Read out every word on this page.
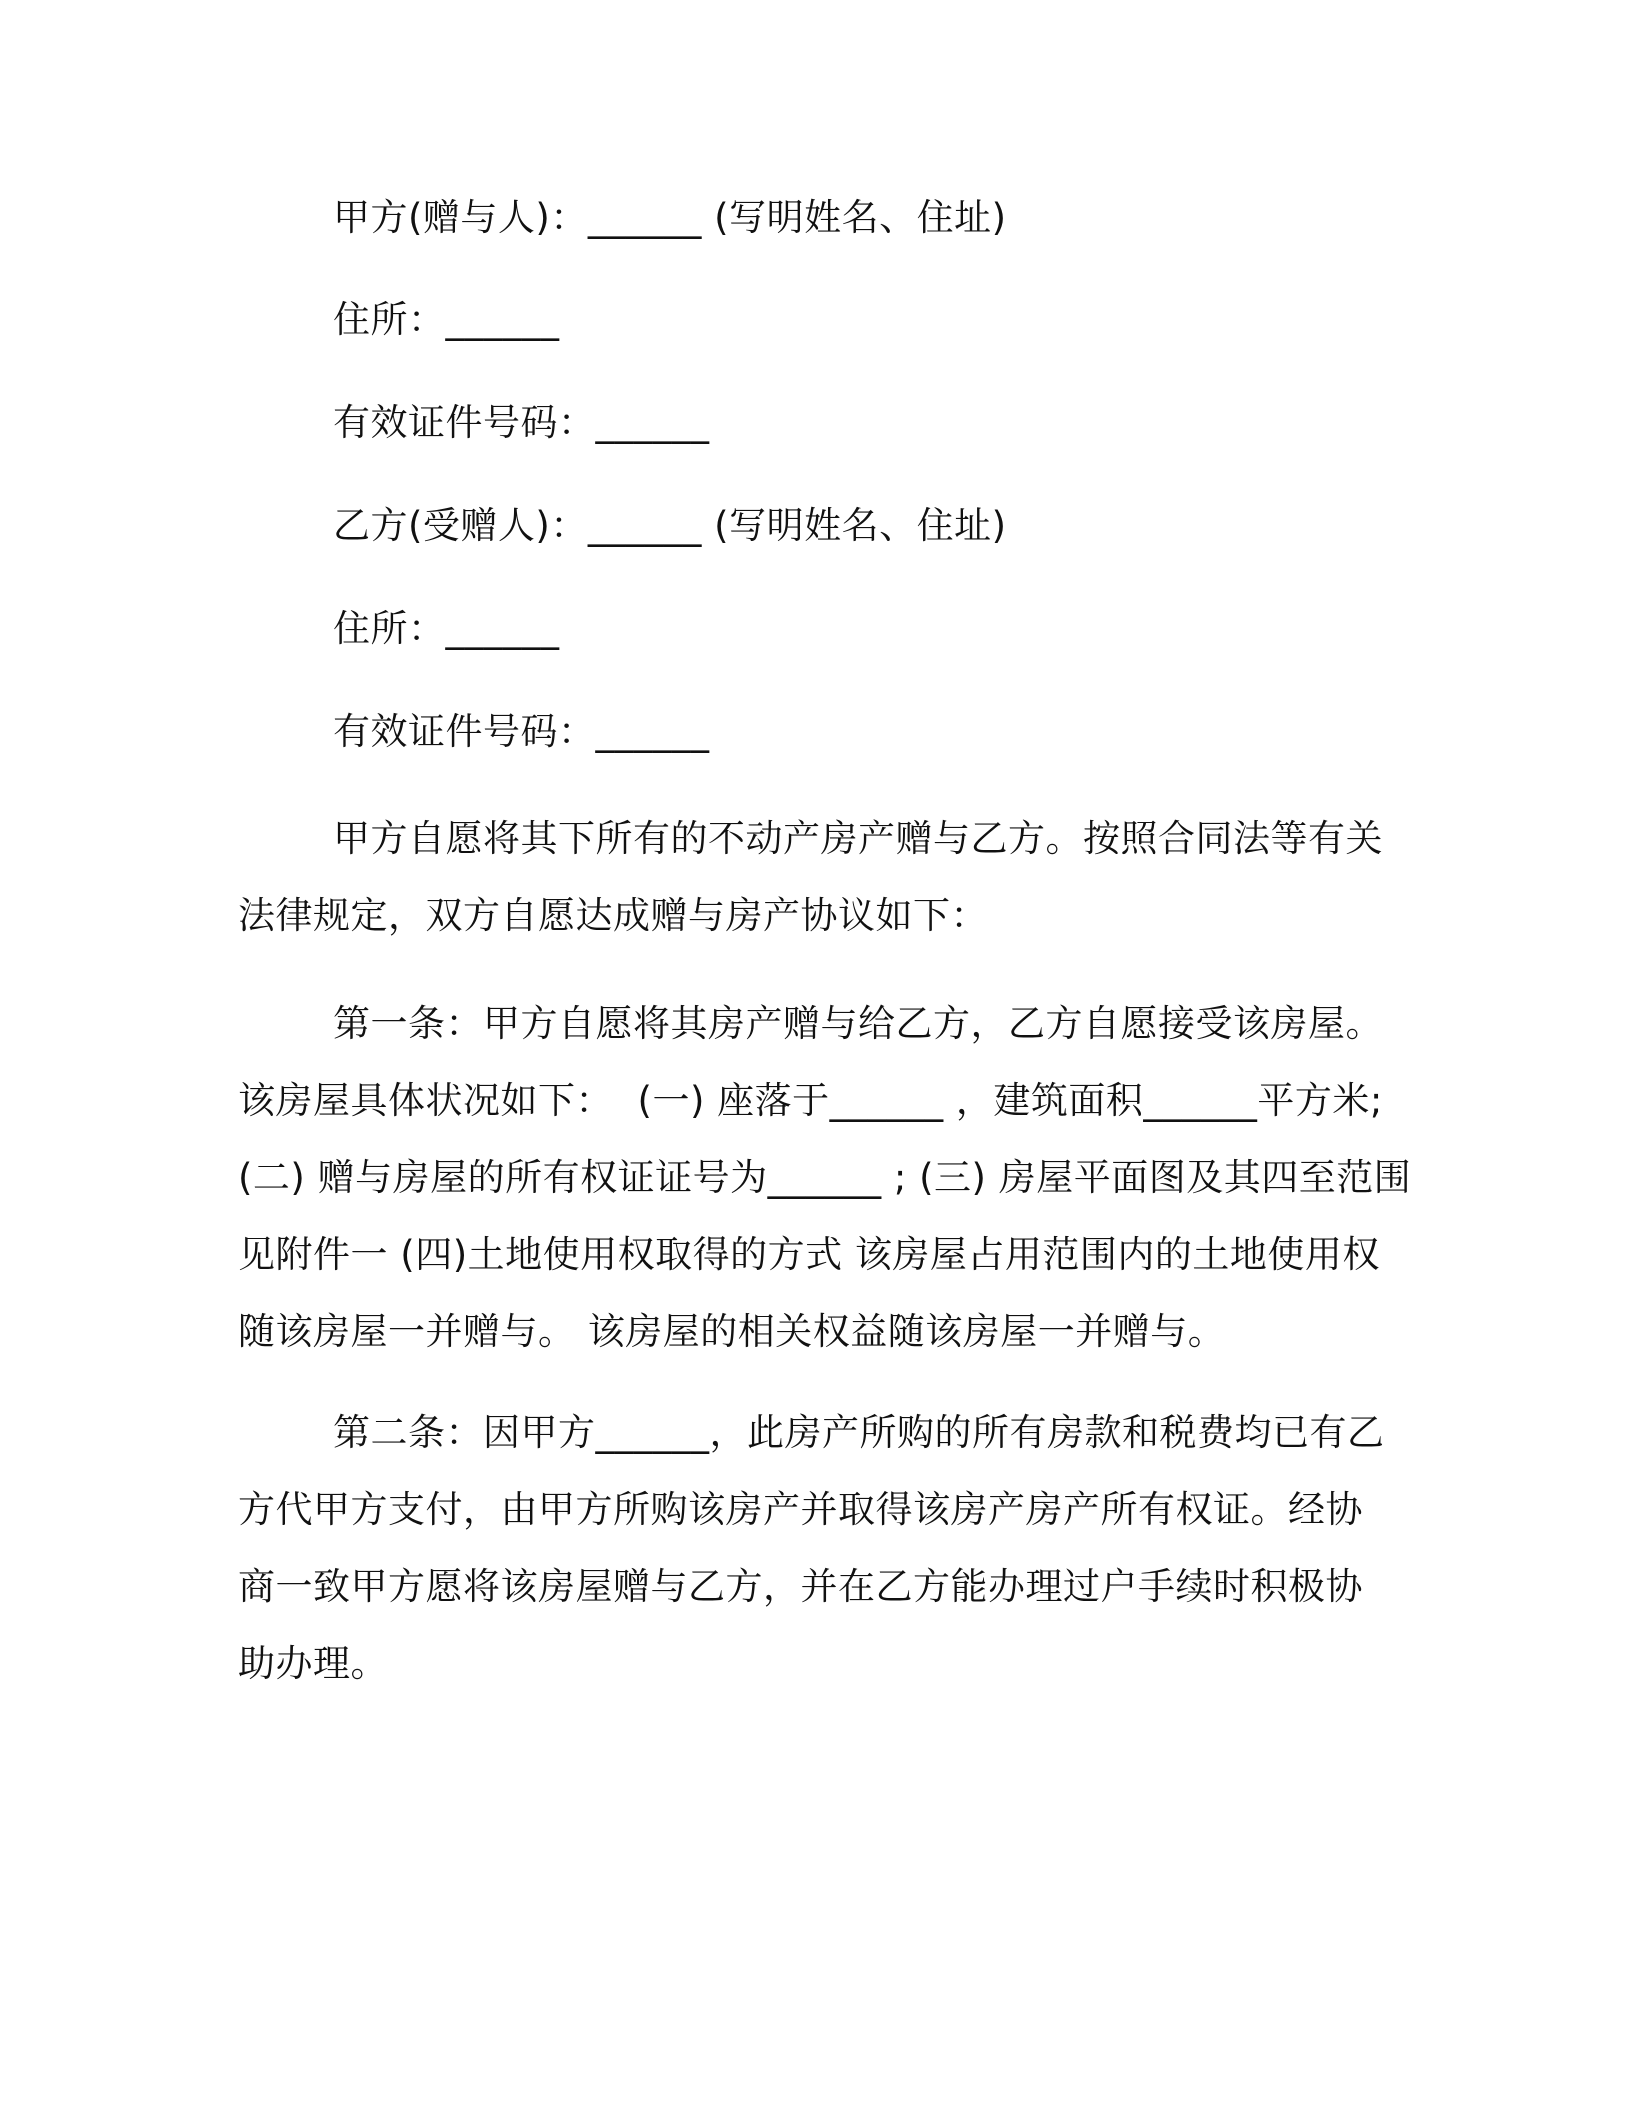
甲方(赠与人)：______ (写明姓名、住址)
住所：______
有效证件号码：______
乙方(受赠人)：______ (写明姓名、住址)
住所：______
有效证件号码：______
甲方自愿将其下所有的不动产房产赠与乙方。按照合同法等有关
法律规定，双方自愿达成赠与房产协议如下：
第一条：甲方自愿将其房产赠与给乙方，乙方自愿接受该房屋。
该房屋具体状况如下：  (一) 座落于______ ，建筑面积______平方米;
(二) 赠与房屋的所有权证证号为______ ; (三) 房屋平面图及其四至范围
见附件一 (四)土地使用权取得的方式 该房屋占用范围内的土地使用权
随该房屋一并赠与。 该房屋的相关权益随该房屋一并赠与。
第二条：因甲方______，此房产所购的所有房款和税费均已有乙
方代甲方支付，由甲方所购该房产并取得该房产房产所有权证。经协
商一致甲方愿将该房屋赠与乙方，并在乙方能办理过户手续时积极协
助办理。
